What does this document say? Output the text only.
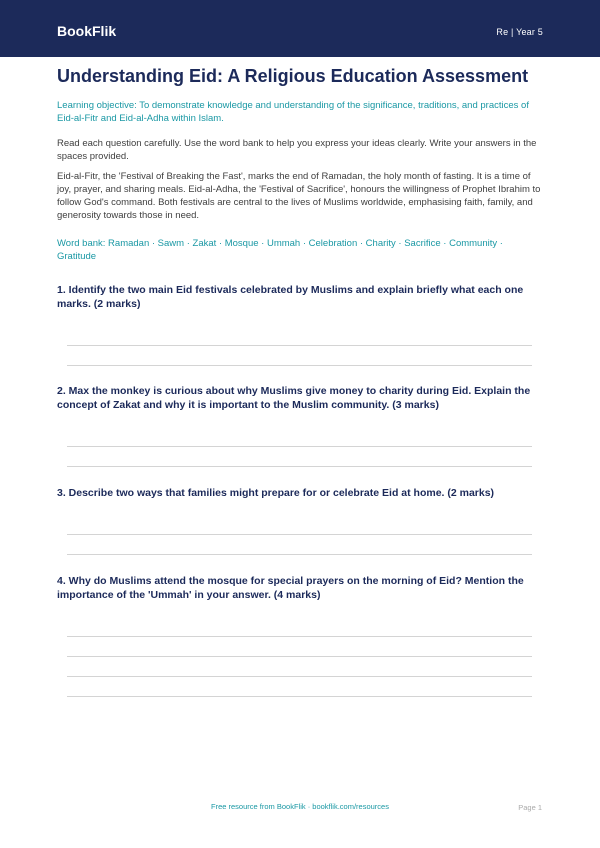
BookFlik	Re | Year 5
Understanding Eid: A Religious Education Assessment

Learning objective: To demonstrate knowledge and understanding of the significance, traditions, and practices of Eid-al-Fitr and Eid-al-Adha within Islam.

Read each question carefully. Use the word bank to help you express your ideas clearly. Write your answers in the spaces provided.

Eid-al-Fitr, the 'Festival of Breaking the Fast', marks the end of Ramadan, the holy month of fasting. It is a time of joy, prayer, and sharing meals. Eid-al-Adha, the 'Festival of Sacrifice', honours the willingness of Prophet Ibrahim to follow God's command. Both festivals are central to the lives of Muslims worldwide, emphasising faith, family, and generosity towards those in need.

Word bank: Ramadan · Sawm · Zakat · Mosque · Ummah · Celebration · Charity · Sacrifice · Community · Gratitude

1. Identify the two main Eid festivals celebrated by Muslims and explain briefly what each one marks. (2 marks)

2. Max the monkey is curious about why Muslims give money to charity during Eid. Explain the concept of Zakat and why it is important to the Muslim community. (3 marks)

3. Describe two ways that families might prepare for or celebrate Eid at home. (2 marks)

4. Why do Muslims attend the mosque for special prayers on the morning of Eid? Mention the importance of the 'Ummah' in your answer. (4 marks)

Free resource from BookFlik · bookflik.com/resources	Page 1
